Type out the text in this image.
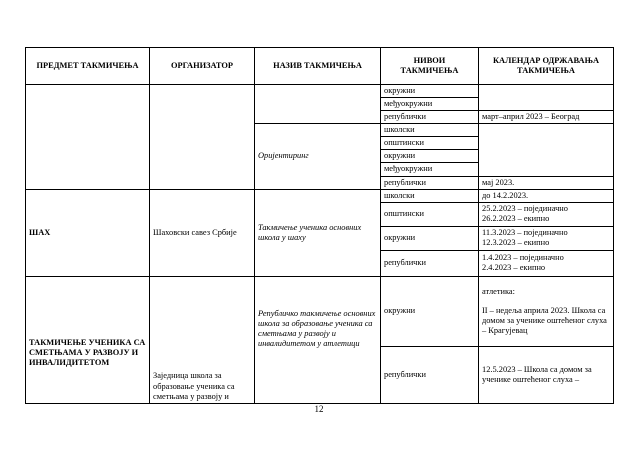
ПРЕДМЕТ ТАКМИЧЕЊА	ОРГАНИЗАТОР	НАЗИВ ТАКМИЧЕЊА	НИВОИ ТАКМИЧЕЊА	КАЛЕНДАР ОДРЖАВАЊА ТАКМИЧЕЊА
			окружни	
			међуокружни	
			републички	март–април 2023 – Београд
		Оријентиринг	школски	
			општински	
			окружни	
			међуокружни	
			републички	мај 2023.
ШАХ	Шаховски савез Србије	Такмичење ученика основних школа у шаху	школски	до 14.2.2023.
			општински	25.2.2023 – појединачно
26.2.2023 – екипно

			окружни	11.3.2023 – појединачно
12.3.2023 – екипно

			републички	1.4.2023 – појединачно
2.4.2023 – екипно

ТАКМИЧЕЊЕ УЧЕНИКА СА СМЕТЊАМА У РАЗВОЈУ И ИНВАЛИДИТЕТОМ	Заједница школа за образовање ученика са сметњама у развоју и	Републичко такмичење основних школа за образовање ученика са сметњама у развоју и инвалидитетом у атлетици	окружни	атлетика:
II – недеља априла 2023. Школа са домом за ученике оштећеног слуха – Крагујевац

			републички	12.5.2023 – Школа са домом за ученике оштећеног слуха –
12
